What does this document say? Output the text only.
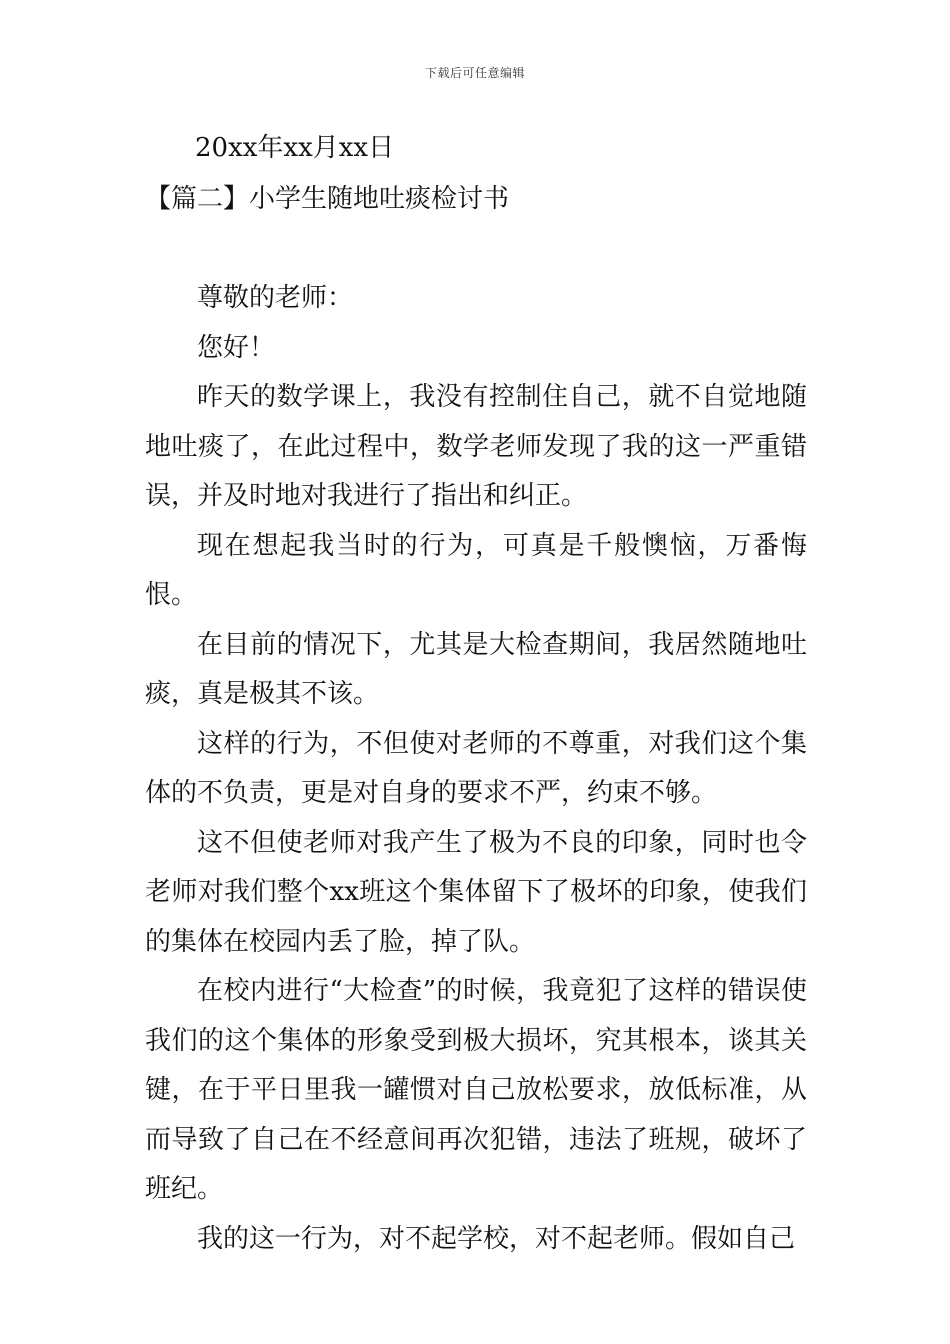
下载后可任意编辑
20xx年xx月xx日
【篇二】小学生随地吐痰检讨书

尊敬的老师：

您好！

昨天的数学课上，我没有控制住自己，就不自觉地随地吐痰了，在此过程中，数学老师发现了我的这一严重错误，并及时地对我进行了指出和纠正。

现在想起我当时的行为，可真是千般懊恼，万番悔恨。

在目前的情况下，尤其是大检查期间，我居然随地吐痰，真是极其不该。

这样的行为，不但使对老师的不尊重，对我们这个集体的不负责，更是对自身的要求不严，约束不够。

这不但使老师对我产生了极为不良的印象，同时也令老师对我们整个xx班这个集体留下了极坏的印象，使我们的集体在校园内丢了脸，掉了队。

在校内进行“大检查”的时候，我竟犯了这样的错误使我们的这个集体的形象受到极大损坏，究其根本，谈其关键，在于平日里我一罐惯对自己放松要求，放低标准，从而导致了自己在不经意间再次犯错，违法了班规，破坏了班纪。

我的这一行为，对不起学校，对不起老师。假如自己
